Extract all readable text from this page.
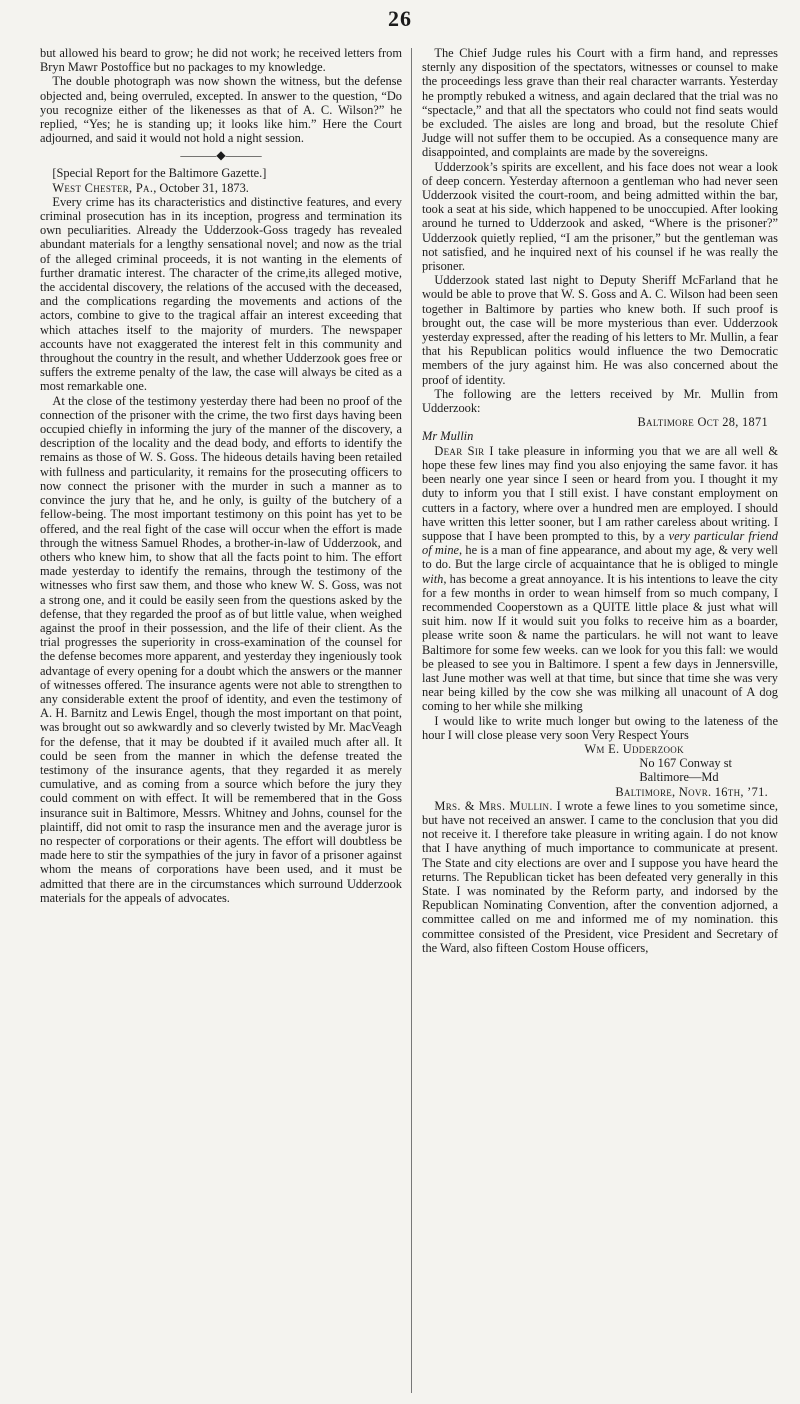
26

but allowed his beard to grow; he did not work; he received letters from Bryn Mawr Postoffice but no packages to my knowledge.

The double photograph was now shown the witness, but the defense objected and, being overruled, excepted. In answer to the question, “Do you recognize either of the likenesses as that of A. C. Wilson?” he replied, “Yes; he is standing up; it looks like him.” Here the Court adjourned, and said it would not hold a night session.

———◆———

[Special Report for the Baltimore Gazette.]

West Chester, Pa., October 31, 1873.

Every crime has its characteristics and distinctive features, and every criminal prosecution has in its inception, progress and termination its own peculiarities. Already the Udderzook-Goss tragedy has revealed abundant materials for a lengthy sensational novel; and now as the trial of the alleged criminal proceeds, it is not wanting in the elements of further dramatic interest. The character of the crime,its alleged motive, the accidental discovery, the relations of the accused with the deceased, and the complications regarding the movements and actions of the actors, combine to give to the tragical affair an interest exceeding that which attaches itself to the majority of murders. The newspaper accounts have not exaggerated the interest felt in this community and throughout the country in the result, and whether Udderzook goes free or suffers the extreme penalty of the law, the case will always be cited as a most remarkable one.

At the close of the testimony yesterday there had been no proof of the connection of the prisoner with the crime, the two first days having been occupied chiefly in informing the jury of the manner of the discovery, a description of the locality and the dead body, and efforts to identify the remains as those of W. S. Goss. The hideous details having been retailed with fullness and particularity, it remains for the prosecuting officers to now connect the prisoner with the murder in such a manner as to convince the jury that he, and he only, is guilty of the butchery of a fellow-being. The most important testimony on this point has yet to be offered, and the real fight of the case will occur when the effort is made through the witness Samuel Rhodes, a brother-in-law of Udderzook, and others who knew him, to show that all the facts point to him. The effort made yesterday to identify the remains, through the testimony of the witnesses who first saw them, and those who knew W. S. Goss, was not a strong one, and it could be easily seen from the questions asked by the defense, that they regarded the proof as of but little value, when weighed against the proof in their possession, and the life of their client. As the trial progresses the superiority in cross-examination of the counsel for the defense becomes more apparent, and yesterday they ingeniously took advantage of every opening for a doubt which the answers or the manner of witnesses offered. The insurance agents were not able to strengthen to any considerable extent the proof of identity, and even the testimony of A. H. Barnitz and Lewis Engel, though the most important on that point, was brought out so awkwardly and so cleverly twisted by Mr. MacVeagh for the defense, that it may be doubted if it availed much after all. It could be seen from the manner in which the defense treated the testimony of the insurance agents, that they regarded it as merely cumulative, and as coming from a source which before the jury they could comment on with effect. It will be remembered that in the Goss insurance suit in Baltimore, Messrs. Whitney and Johns, counsel for the plaintiff, did not omit to rasp the insurance men and the average juror is no respecter of corporations or their agents. The effort will doubtless be made here to stir the sympathies of the jury in favor of a prisoner against whom the means of corporations have been used, and it must be admitted that there are in the circumstances which surround Udderzook materials for the appeals of advocates.

The Chief Judge rules his Court with a firm hand, and represses sternly any disposition of the spectators, witnesses or counsel to make the proceedings less grave than their real character warrants. Yesterday he promptly rebuked a witness, and again declared that the trial was no “spectacle,” and that all the spectators who could not find seats would be excluded. The aisles are long and broad, but the resolute Chief Judge will not suffer them to be occupied. As a consequence many are disappointed, and complaints are made by the sovereigns.

Udderzook’s spirits are excellent, and his face does not wear a look of deep concern. Yesterday afternoon a gentleman who had never seen Udderzook visited the court-room, and being admitted within the bar, took a seat at his side, which happened to be unoccupied. After looking around he turned to Udderzook and asked, “Where is the prisoner?” Udderzook quietly replied, “I am the prisoner,” but the gentleman was not satisfied, and he inquired next of his counsel if he was really the prisoner.

Udderzook stated last night to Deputy Sheriff McFarland that he would be able to prove that W. S. Goss and A. C. Wilson had been seen together in Baltimore by parties who knew both. If such proof is brought out, the case will be more mysterious than ever. Udderzook yesterday expressed, after the reading of his letters to Mr. Mullin, a fear that his Republican politics would influence the two Democratic members of the jury against him. He was also concerned about the proof of identity.

The following are the letters received by Mr. Mullin from Udderzook:

Baltimore Oct 28, 1871

Mr Mullin

Dear Sir I take pleasure in informing you that we are all well & hope these few lines may find you also enjoying the same favor. it has been nearly one year since I seen or heard from you. I thought it my duty to inform you that I still exist. I have constant employment on cutters in a factory, where over a hundred men are employed. I should have written this letter sooner, but I am rather careless about writing. I suppose that I have been prompted to this, by a very particular friend of mine, he is a man of fine appearance, and about my age, & very well to do. But the large circle of acquaintance that he is obliged to mingle with, has become a great annoyance. It is his intentions to leave the city for a few months in order to wean himself from so much company, I recommended Cooperstown as a QUITE little place & just what will suit him. now If it would suit you folks to receive him as a boarder, please write soon & name the particulars. he will not want to leave Baltimore for some few weeks. can we look for you this fall: we would be pleased to see you in Baltimore. I spent a few days in Jennersville, last June mother was well at that time, but since that time she was very near being killed by the cow she was milking all unacount of A dog coming to her while she milking

I would like to write much longer but owing to the lateness of the hour I will close please very soon Very Respect Yours

Wm E. Udderzook

No 167 Conway st

Baltimore—Md

Baltimore, Novr. 16th, ’71.

Mrs. & Mrs. Mullin. I wrote a fewe lines to you sometime since, but have not received an answer. I came to the conclusion that you did not receive it. I therefore take pleasure in writing again. I do not know that I have anything of much importance to communicate at present. The State and city elections are over and I suppose you have heard the returns. The Republican ticket has been defeated very generally in this State. I was nominated by the Reform party, and indorsed by the Republican Nominating Convention, after the convention adjorned, a committee called on me and informed me of my nomination. this committee consisted of the President, vice President and Secretary of the Ward, also fifteen Costom House officers,
